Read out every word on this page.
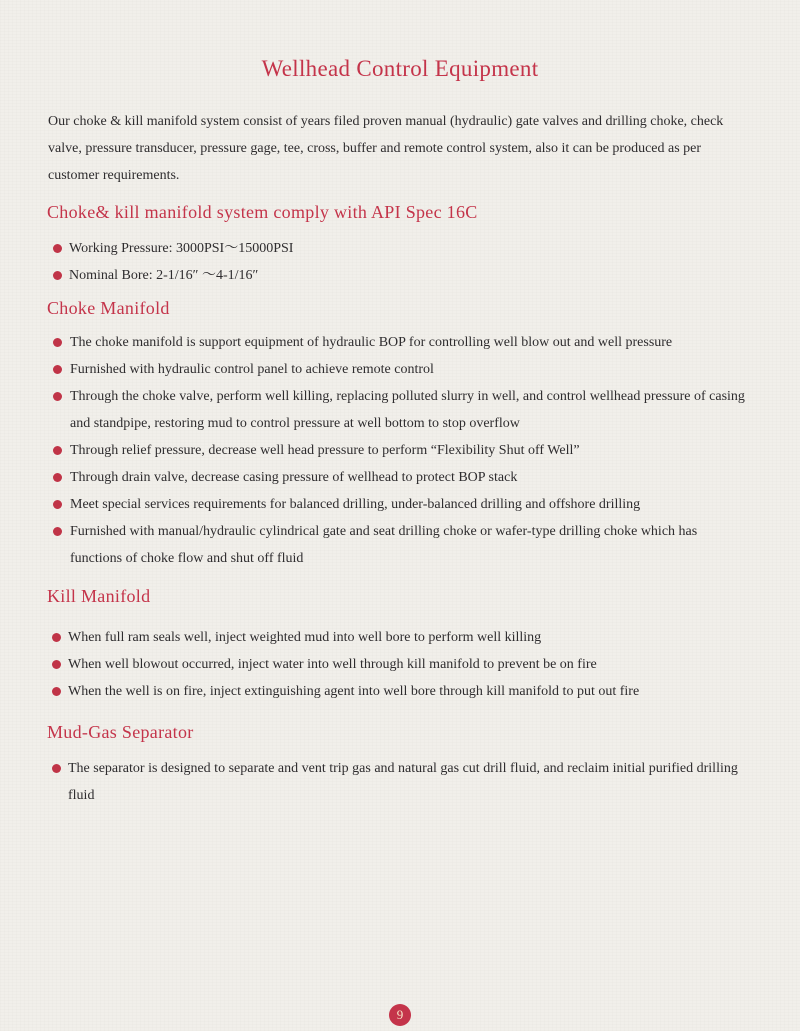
Wellhead Control Equipment
Our choke & kill manifold system consist of years filed proven manual (hydraulic) gate valves and drilling choke, check valve, pressure transducer, pressure gage, tee, cross, buffer and remote control system, also it can be produced as per customer requirements.
Choke& kill manifold system comply with API Spec 16C
Working Pressure: 3000PSI～15000PSI
Nominal Bore: 2-1/16″ ～4-1/16″
Choke Manifold
The choke manifold is support equipment of hydraulic BOP for controlling well blow out and well pressure
Furnished with hydraulic control panel to achieve remote control
Through the choke valve, perform well killing, replacing polluted slurry in well, and control wellhead pressure of casing and standpipe, restoring mud to control pressure at well bottom to stop overflow
Through relief pressure, decrease well head pressure to perform “Flexibility Shut off Well”
Through drain valve, decrease casing pressure of wellhead to protect BOP stack
Meet special services requirements for balanced drilling, under-balanced drilling and offshore drilling
Furnished with manual/hydraulic cylindrical gate and seat drilling choke or wafer-type drilling choke which has functions of choke flow and shut off fluid
Kill Manifold
When full ram seals well, inject weighted mud into well bore to perform well killing
When well blowout occurred, inject water into well through kill manifold to prevent be on fire
When the well is on fire, inject extinguishing agent into well bore through kill manifold to put out fire
Mud-Gas Separator
The separator is designed to separate and vent trip gas and natural gas cut drill fluid, and reclaim initial purified drilling fluid
9
